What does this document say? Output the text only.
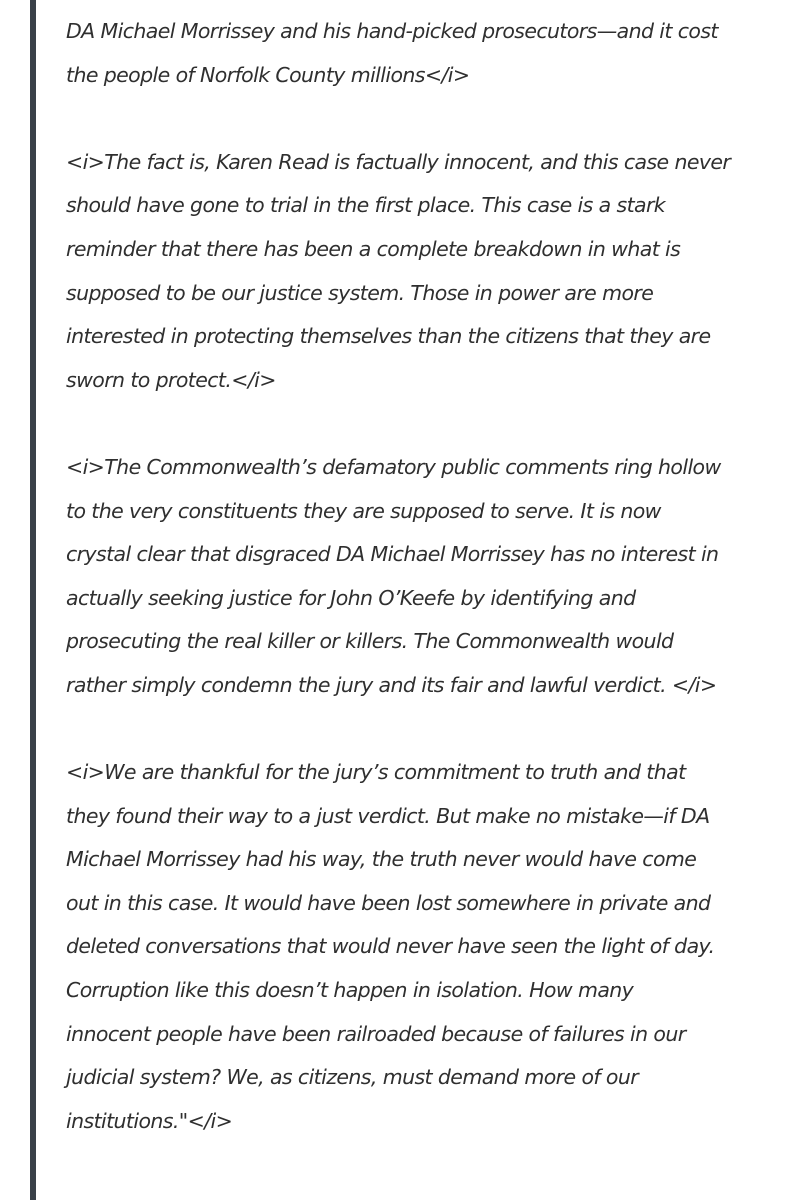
DA Michael Morrissey and his hand-picked prosecutors—and it cost
the people of Norfolk County millions</i>

<i>The fact is, Karen Read is factually innocent, and this case never
should have gone to trial in the first place. This case is a stark
reminder that there has been a complete breakdown in what is
supposed to be our justice system. Those in power are more
interested in protecting themselves than the citizens that they are
sworn to protect.</i>

<i>The Commonwealth’s defamatory public comments ring hollow
to the very constituents they are supposed to serve. It is now
crystal clear that disgraced DA Michael Morrissey has no interest in
actually seeking justice for John O’Keefe by identifying and
prosecuting the real killer or killers. The Commonwealth would
rather simply condemn the jury and its fair and lawful verdict. </i>

<i>We are thankful for the jury’s commitment to truth and that
they found their way to a just verdict. But make no mistake—if DA
Michael Morrissey had his way, the truth never would have come
out in this case. It would have been lost somewhere in private and
deleted conversations that would never have seen the light of day.
Corruption like this doesn’t happen in isolation. How many
innocent people have been railroaded because of failures in our
judicial system? We, as citizens, must demand more of our
institutions."</i>
